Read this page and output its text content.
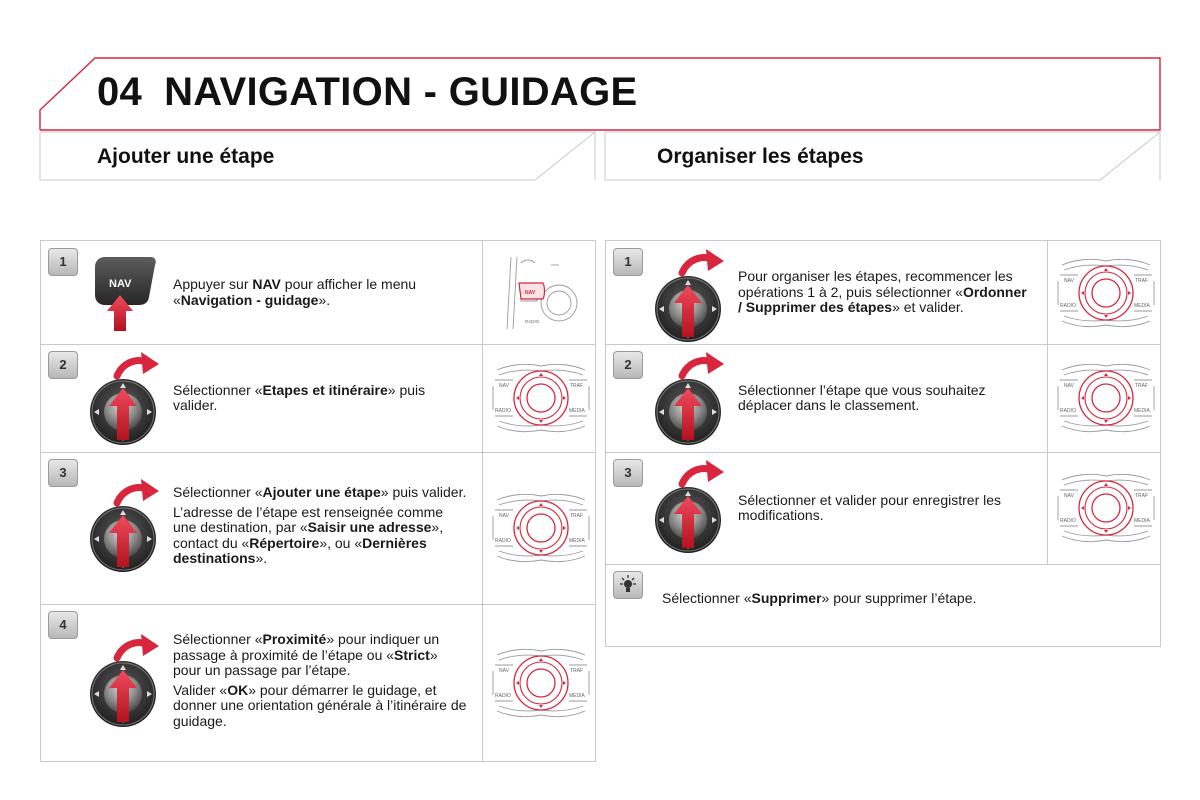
04 NAVIGATION - GUIDAGE
Ajouter une étape	Organiser les étapes
1
NAV	Appuyer sur NAV pour afficher le menu «Navigation - guidage».	NAV
RADIO
2
Sélectionner «Etapes et itinéraire» puis valider.
NAV	TRAF
RADIO	MEDIA
3

Sélectionner «Ajouter une étape» puis valider.

L’adresse de l’étape est renseignée comme une destination, par «Saisir une adresse», contact du «Répertoire», ou «Dernières destinations».

NAV	TRAF
RADIO	MEDIA
4

Sélectionner «Proximité» pour indiquer un passage à proximité de l’étape ou «Strict» pour un passage par l’étape.

Valider «OK» pour démarrer le guidage, et donner une orientation générale à l’itinéraire de guidage.

NAV	TRAF
RADIO	MEDIA
1
Pour organiser les étapes, recommencer les opérations 1 à 2, puis sélectionner «Ordonner / Supprimer des étapes» et valider.
NAV	TRAF
RADIO	MEDIA
2
Sélectionner l’étape que vous souhaitez déplacer dans le classement.
NAV	TRAF
RADIO	MEDIA
3
Sélectionner et valider pour enregistrer les modifications.
NAV	TRAF
RADIO	MEDIA
Sélectionner «Supprimer» pour supprimer l’étape.
